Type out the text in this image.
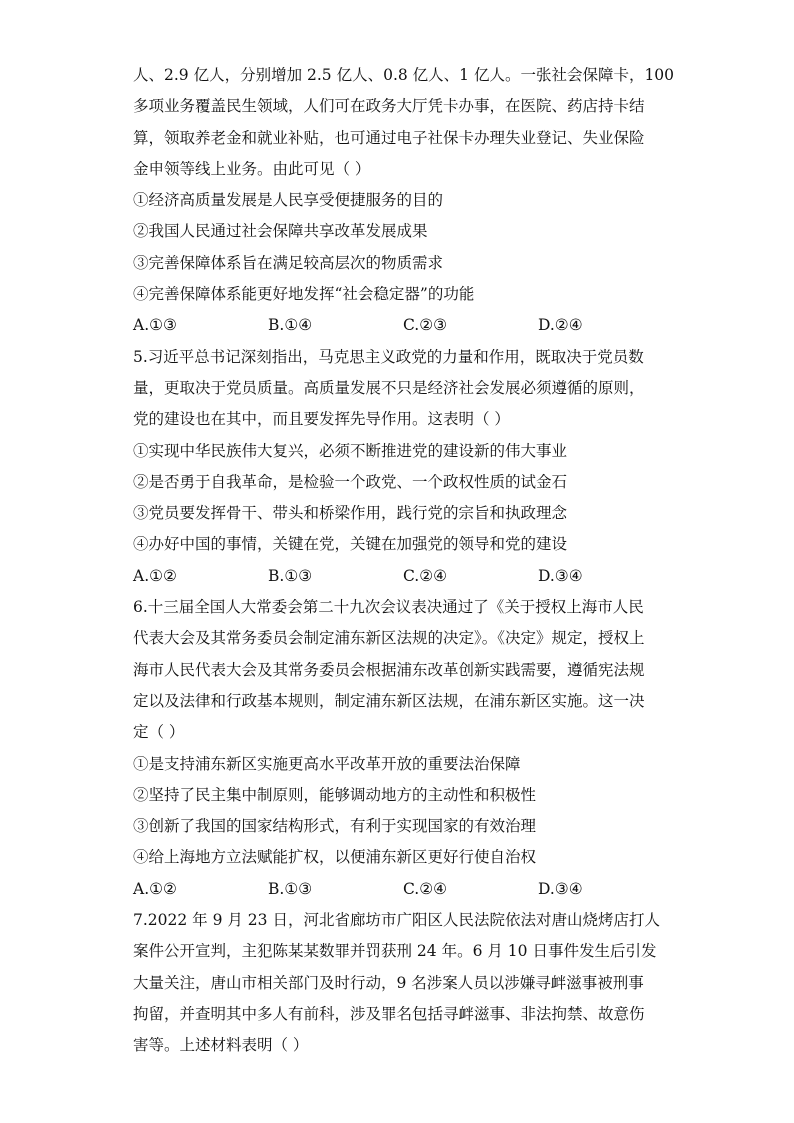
人、2.9 亿人，分别增加 2.5 亿人、0.8 亿人、1 亿人。一张社会保障卡，100

多项业务覆盖民生领域，人们可在政务大厅凭卡办事，在医院、药店持卡结

算，领取养老金和就业补贴，也可通过电子社保卡办理失业登记、失业保险

金申领等线上业务。由此可见（ ）

①经济高质量发展是人民享受便捷服务的目的

②我国人民通过社会保障共享改革发展成果

③完善保障体系旨在满足较高层次的物质需求

④完善保障体系能更好地发挥“社会稳定器”的功能

A.①③	B.①④	C.②③	D.②④

5.习近平总书记深刻指出，马克思主义政党的力量和作用，既取决于党员数

量，更取决于党员质量。高质量发展不只是经济社会发展必须遵循的原则，

党的建设也在其中，而且要发挥先导作用。这表明（ ）

①实现中华民族伟大复兴，必须不断推进党的建设新的伟大事业

②是否勇于自我革命，是检验一个政党、一个政权性质的试金石

③党员要发挥骨干、带头和桥梁作用，践行党的宗旨和执政理念

④办好中国的事情，关键在党，关键在加强党的领导和党的建设

A.①②	B.①③	C.②④	D.③④

6.十三届全国人大常委会第二十九次会议表决通过了《关于授权上海市人民

代表大会及其常务委员会制定浦东新区法规的决定》。《决定》规定，授权上

海市人民代表大会及其常务委员会根据浦东改革创新实践需要，遵循宪法规

定以及法律和行政基本规则，制定浦东新区法规，在浦东新区实施。这一决

定（ ）

①是支持浦东新区实施更高水平改革开放的重要法治保障

②坚持了民主集中制原则，能够调动地方的主动性和积极性

③创新了我国的国家结构形式，有利于实现国家的有效治理

④给上海地方立法赋能扩权，以便浦东新区更好行使自治权

A.①②	B.①③	C.②④	D.③④

7.2022 年 9 月 23 日，河北省廊坊市广阳区人民法院依法对唐山烧烤店打人

案件公开宣判，主犯陈某某数罪并罚获刑 24 年。6 月 10 日事件发生后引发

大量关注，唐山市相关部门及时行动，9 名涉案人员以涉嫌寻衅滋事被刑事

拘留，并查明其中多人有前科，涉及罪名包括寻衅滋事、非法拘禁、故意伤

害等。上述材料表明（ ）
